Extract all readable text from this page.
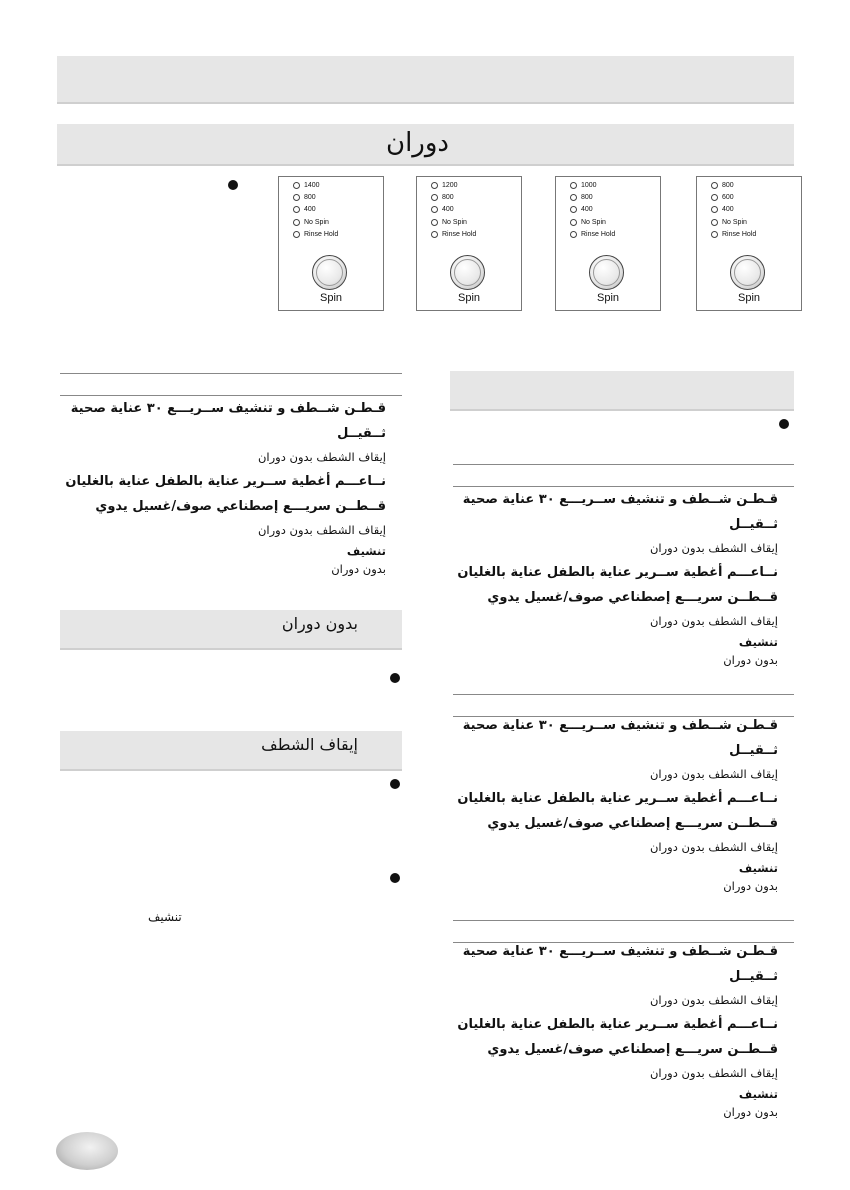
دوران
1400
800
400
No Spin
Rinse Hold
Spin
1200
800
400
No Spin
Rinse Hold
Spin
1000
800
400
No Spin
Rinse Hold
Spin
800
600
400
No Spin
Rinse Hold
Spin
قـطـن شــطف و تنشيف ســريـــع ٣٠ عناية صحية
ثــقيــل
إيقاف الشطف بدون دوران
نــاعـــم أغطية ســرير عناية بالطفل عناية بالغليان
قــطــن سريـــع إصطناعي صوف/غسيل يدوي
إيقاف الشطف بدون دوران
تنشيف
بدون دوران
بدون دوران
إيقاف الشطف
تنشيف
قـطـن شــطف و تنشيف ســريـــع ٣٠ عناية صحية
ثــقيــل
إيقاف الشطف بدون دوران
نــاعـــم أغطية ســرير عناية بالطفل عناية بالغليان
قــطــن سريـــع إصطناعي صوف/غسيل يدوي
إيقاف الشطف بدون دوران
تنشيف
بدون دوران
قـطـن شــطف و تنشيف ســريـــع ٣٠ عناية صحية
ثــقيــل
إيقاف الشطف بدون دوران
نــاعـــم أغطية ســرير عناية بالطفل عناية بالغليان
قــطــن سريـــع إصطناعي صوف/غسيل يدوي
إيقاف الشطف بدون دوران
تنشيف
بدون دوران
قـطـن شــطف و تنشيف ســريـــع ٣٠ عناية صحية
ثــقيــل
إيقاف الشطف بدون دوران
نــاعـــم أغطية ســرير عناية بالطفل عناية بالغليان
قــطــن سريـــع إصطناعي صوف/غسيل يدوي
إيقاف الشطف بدون دوران
تنشيف
بدون دوران
